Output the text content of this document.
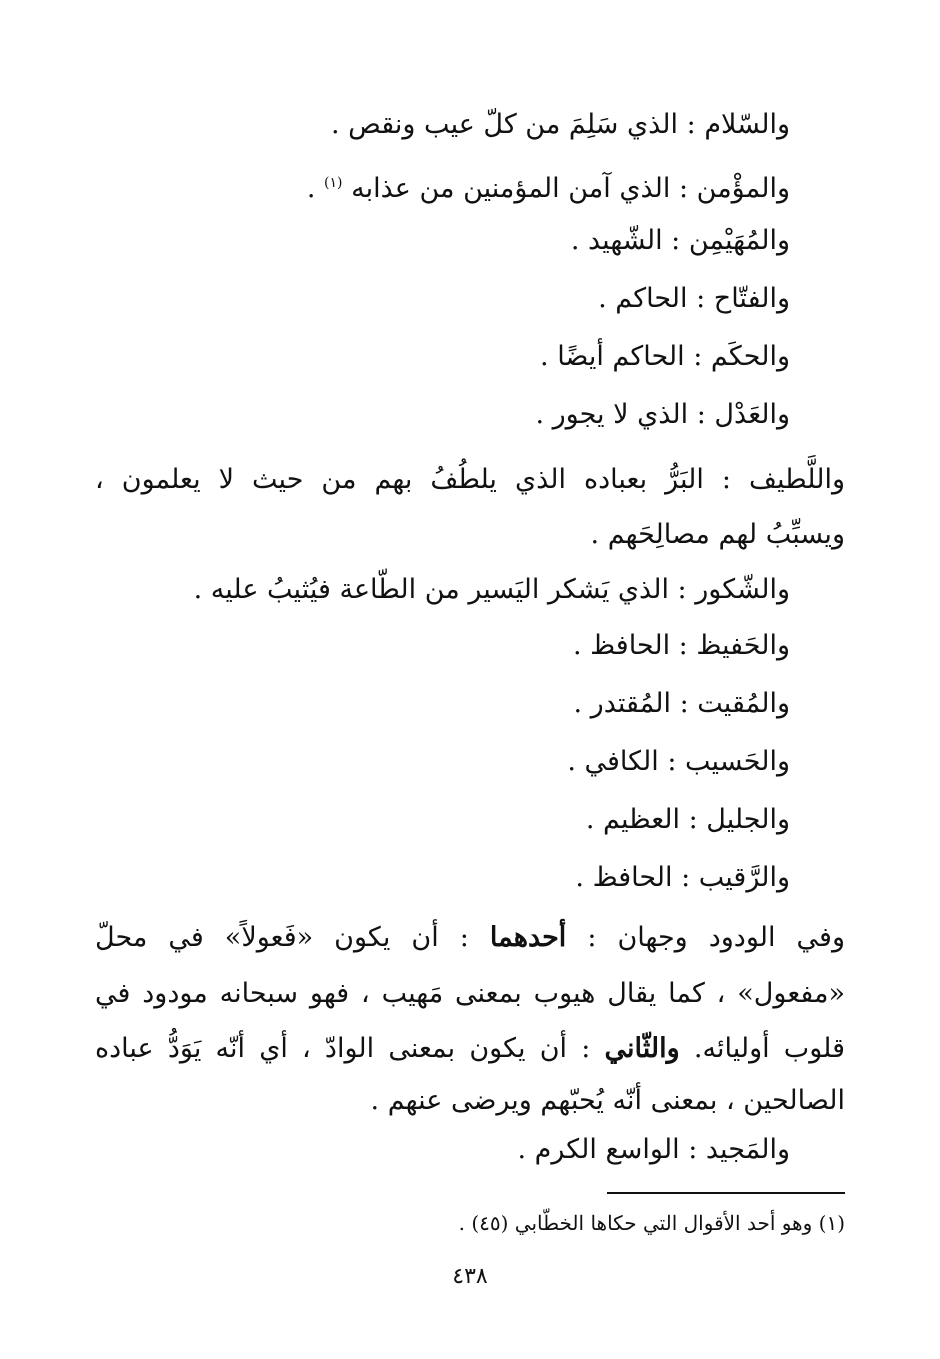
والسّلام : الذي سَلِمَ من كلّ عيب ونقص .
والمؤْمن : الذي آمن المؤمنين من عذابه $^{(١)}$ .
والمُهَيْمِن : الشّهيد .
والفتّاح : الحاكم .
والحكَم : الحاكم أيضًا .
والعَدْل : الذي لا يجور .
واللَّطيف : البَرُّ بعباده الذي يلطُفُ بهم من حيث لا يعلمون ،
ويسبِّبُ لهم مصالِحَهم .
والشّكور : الذي يَشكر اليَسير من الطّاعة فيُثيبُ عليه .
والحَفيظ : الحافظ .
والمُقيت : المُقتدر .
والحَسيب : الكافي .
والجليل : العظيم .
والرَّقيب : الحافظ .
وفي الودود وجهان : أحدهما : أن يكون «فَعولاً» في محلّ
«مفعول» ، كما يقال هيوب بمعنى مَهيب ، فهو سبحانه مودود في
قلوب أوليائه. والثّاني : أن يكون بمعنى الوادّ ، أي أنّه يَوَدُّ عباده
الصالحين ، بمعنى أنّه يُحبّهم ويرضى عنهم .
والمَجيد : الواسع الكرم .
(١) وهو أحد الأقوال التي حكاها الخطّابي (٤٥) .
٤٣٨
